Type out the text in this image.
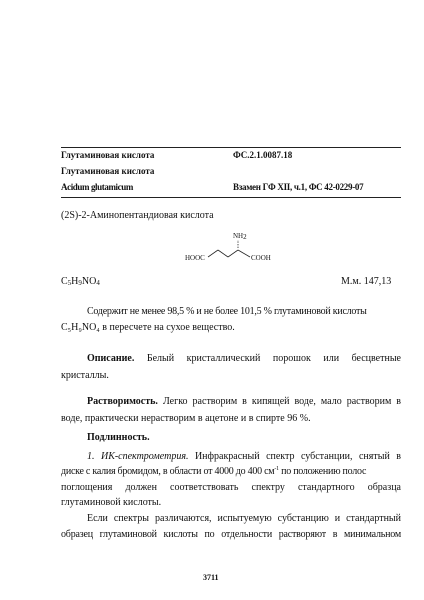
Глутаминовая кислота	ФС.2.1.0087.18
Глутаминовая кислота
Acidum glutamicum	Взамен ГФ XII, ч.1, ФС 42-0229-07
(2S)-2-Аминопентандиовая кислота
$NH_2$
HOOC	COOH
$C_5H_9NO_4$	М.м. 147,13
Содержит не менее 98,5 % и не более 101,5 % глутаминовой кислоты
C₅H₉NO₄ в пересчете на сухое вещество.
Описание. Белый кристаллический порошок или бесцветные
кристаллы.
Растворимость. Легко растворим в кипящей воде, мало растворим в
воде, практически нерастворим в ацетоне и в спирте 96 %.
Подлинность.
1. ИК-спектрометрия. Инфракрасный спектр субстанции, снятый в
диске с калия бромидом, в области от 4000 до 400 $см^{-1}$ по положению полос
поглощения должен соответствовать спектру стандартного образца
глутаминовой кислоты.
Если спектры различаются, испытуемую субстанцию и стандартный
образец глутаминовой кислоты по отдельности растворяют в минимальном
3711
